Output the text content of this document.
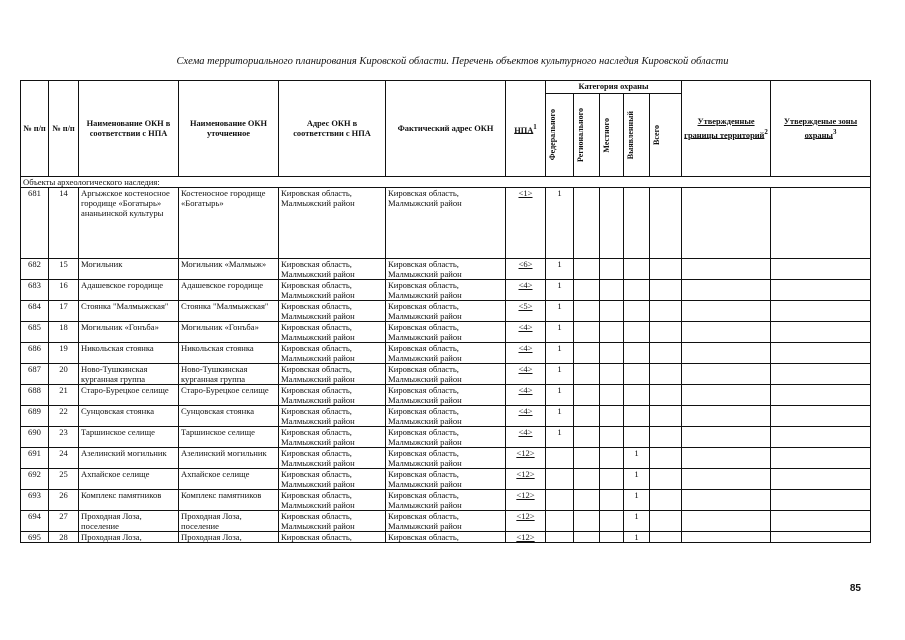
Схема территориального планирования Кировской области. Перечень объектов культурного наследия Кировской области
№ п/п	№ п/п	Наименование ОКН в соответствии с НПА	Наименование ОКН уточненное	Адрес ОКН в соответствии с НПА	Фактический адрес ОКН	НПА$^1$	Категория охраны					Утвержденные границы территорий$^2$	Утвержденые зоны охраны$^3$

							Федерального	Регионального	Местного	Выявленный	Всего		

Объекты археологического наследия:													
681	14	Аргыжское костеносное городище «Богатырь» ананьинской культуры	Костеносное городище «Богатырь»	Кировская область, Малмыжский район	Кировская область, Малмыжский район	<1>	1						
682	15	Могильник	Могильник «Малмыж»	Кировская область, Малмыжский район	Кировская область, Малмыжский район	<6>	1						
683	16	Адашевское городище	Адашевское городище	Кировская область, Малмыжский район	Кировская область, Малмыжский район	<4>	1						
684	17	Стоянка "Малмыжская"	Стоянка "Малмыжская"	Кировская область, Малмыжский район	Кировская область, Малмыжский район	<5>	1						
685	18	Могильник «Гонъба»	Могильник «Гонъба»	Кировская область, Малмыжский район	Кировская область, Малмыжский район	<4>	1						
686	19	Никольская стоянка	Никольская стоянка	Кировская область, Малмыжский район	Кировская область, Малмыжский район	<4>	1						
687	20	Ново-Тушкинская курганная группа	Ново-Тушкинская курганная группа	Кировская область, Малмыжский район	Кировская область, Малмыжский район	<4>	1						
688	21	Старо-Бурецкое селище	Старо-Бурецкое селище	Кировская область, Малмыжский район	Кировская область, Малмыжский район	<4>	1						
689	22	Сунцовская стоянка	Сунцовская стоянка	Кировская область, Малмыжский район	Кировская область, Малмыжский район	<4>	1						
690	23	Таршинское селище	Таршинское селище	Кировская область, Малмыжский район	Кировская область, Малмыжский район	<4>	1						
691	24	Азелинский могильник	Азелинский могильник	Кировская область, Малмыжский район	Кировская область, Малмыжский район	<12>				1			
692	25	Ахпайское селище	Ахпайское селище	Кировская область, Малмыжский район	Кировская область, Малмыжский район	<12>				1			
693	26	Комплекс памятников	Комплекс памятников	Кировская область, Малмыжский район	Кировская область, Малмыжский район	<12>				1			
694	27	Проходная Лоза, поселение	Проходная Лоза, поселение	Кировская область, Малмыжский район	Кировская область, Малмыжский район	<12>				1			
695	28	Проходная Лоза,	Проходная Лоза,	Кировская область,	Кировская область,	<12>				1			
85
